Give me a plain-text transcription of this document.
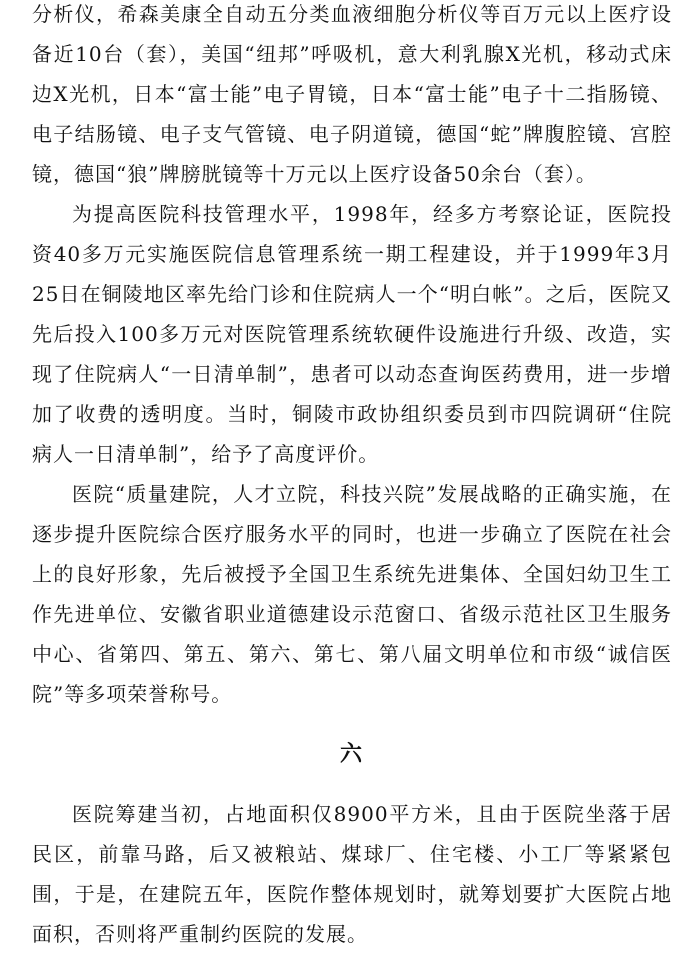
分析仪，希森美康全自动五分类血液细胞分析仪等百万元以上医疗设备近10台（套），美国“纽邦”呼吸机，意大利乳腺X光机，移动式床边X光机，日本“富士能”电子胃镜，日本“富士能”电子十二指肠镜、电子结肠镜、电子支气管镜、电子阴道镜，德国“蛇”牌腹腔镜、宫腔镜，德国“狼”牌膀胱镜等十万元以上医疗设备50余台（套）。

为提高医院科技管理水平，1998年，经多方考察论证，医院投资40多万元实施医院信息管理系统一期工程建设，并于1999年3月25日在铜陵地区率先给门诊和住院病人一个“明白帐”。之后，医院又先后投入100多万元对医院管理系统软硬件设施进行升级、改造，实现了住院病人“一日清单制”，患者可以动态查询医药费用，进一步增加了收费的透明度。当时，铜陵市政协组织委员到市四院调研“住院病人一日清单制”，给予了高度评价。

医院“质量建院，人才立院，科技兴院”发展战略的正确实施，在逐步提升医院综合医疗服务水平的同时，也进一步确立了医院在社会上的良好形象，先后被授予全国卫生系统先进集体、全国妇幼卫生工作先进单位、安徽省职业道德建设示范窗口、省级示范社区卫生服务中心、省第四、第五、第六、第七、第八届文明单位和市级“诚信医院”等多项荣誉称号。

六

医院筹建当初，占地面积仅8900平方米，且由于医院坐落于居民区，前靠马路，后又被粮站、煤球厂、住宅楼、小工厂等紧紧包围，于是，在建院五年，医院作整体规划时，就筹划要扩大医院占地面积，否则将严重制约医院的发展。
